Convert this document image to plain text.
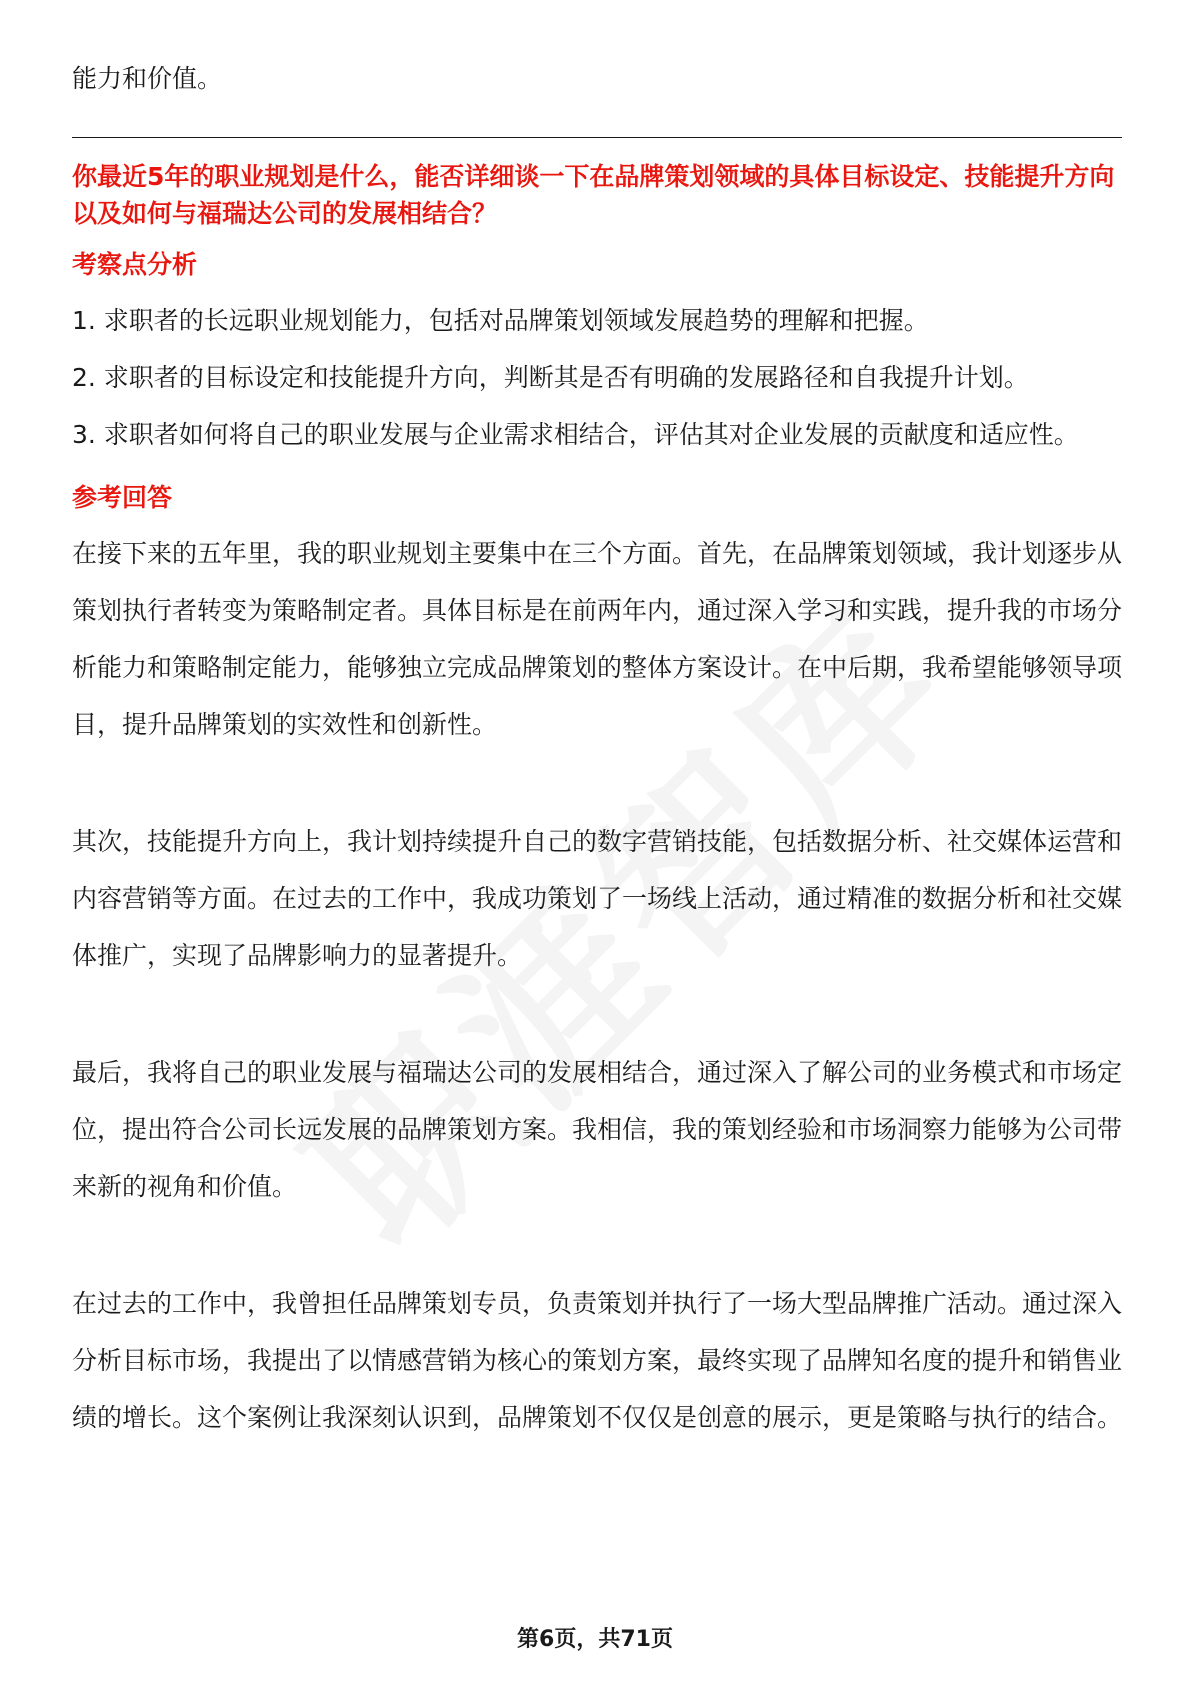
能力和价值。

你最近5年的职业规划是什么，能否详细谈一下在品牌策划领域的具体目标设定、技能提升方向以及如何与福瑞达公司的发展相结合？

考察点分析

1. 求职者的长远职业规划能力，包括对品牌策划领域发展趋势的理解和把握。

2. 求职者的目标设定和技能提升方向，判断其是否有明确的发展路径和自我提升计划。

3. 求职者如何将自己的职业发展与企业需求相结合，评估其对企业发展的贡献度和适应性。

参考回答

在接下来的五年里，我的职业规划主要集中在三个方面。首先，在品牌策划领域，我计划逐步从策划执行者转变为策略制定者。具体目标是在前两年内，通过深入学习和实践，提升我的市场分析能力和策略制定能力，能够独立完成品牌策划的整体方案设计。在中后期，我希望能够领导项目，提升品牌策划的实效性和创新性。

其次，技能提升方向上，我计划持续提升自己的数字营销技能，包括数据分析、社交媒体运营和内容营销等方面。在过去的工作中，我成功策划了一场线上活动，通过精准的数据分析和社交媒体推广，实现了品牌影响力的显著提升。

最后，我将自己的职业发展与福瑞达公司的发展相结合，通过深入了解公司的业务模式和市场定位，提出符合公司长远发展的品牌策划方案。我相信，我的策划经验和市场洞察力能够为公司带来新的视角和价值。

在过去的工作中，我曾担任品牌策划专员，负责策划并执行了一场大型品牌推广活动。通过深入分析目标市场，我提出了以情感营销为核心的策划方案，最终实现了品牌知名度的提升和销售业绩的增长。这个案例让我深刻认识到，品牌策划不仅仅是创意的展示，更是策略与执行的结合。

第6页，共71页
